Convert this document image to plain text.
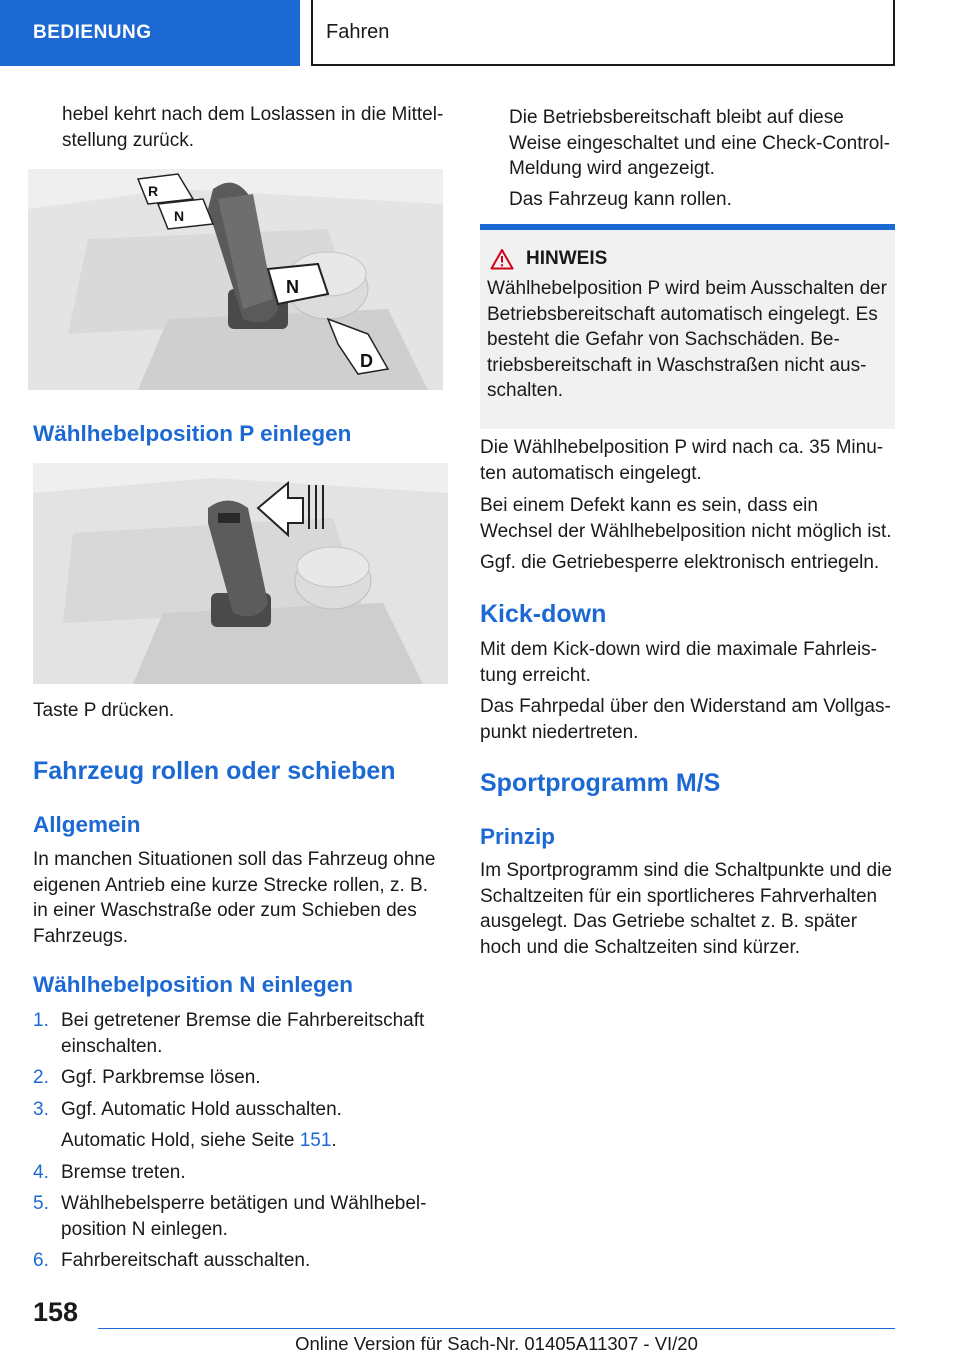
BEDIENUNG	Fahren

hebel kehrt nach dem Loslassen in die Mittelstellung zurück.

R
N
N
D
Wählhebelposition P einlegen

Taste P drücken.

Fahrzeug rollen oder schieben
Allgemein

In manchen Situationen soll das Fahrzeug ohne eigenen Antrieb eine kurze Strecke rollen, z. B. in einer Waschstraße oder zum Schieben des Fahrzeugs.

Wählhebelposition N einlegen
1. Bei getretener Bremse die Fahrbereitschaft einschalten.
2. Ggf. Parkbremse lösen.
3. Ggf. Automatic Hold ausschalten.
Automatic Hold, siehe Seite 151.
4. Bremse treten.
5. Wählhebelsperre betätigen und Wählhebelposition N einlegen.
6. Fahrbereitschaft ausschalten.

Die Betriebsbereitschaft bleibt auf diese Weise eingeschaltet und eine Check-Control-Meldung wird angezeigt.

Das Fahrzeug kann rollen.

HINWEIS

Wählhebelposition P wird beim Ausschalten der Betriebsbereitschaft automatisch eingelegt. Es besteht die Gefahr von Sachschäden. Betriebsbereitschaft in Waschstraßen nicht ausschalten.

Die Wählhebelposition P wird nach ca. 35 Minuten automatisch eingelegt.

Bei einem Defekt kann es sein, dass ein Wechsel der Wählhebelposition nicht möglich ist.

Ggf. die Getriebesperre elektronisch entriegeln.

Kick-down

Mit dem Kick-down wird die maximale Fahrleistung erreicht.

Das Fahrpedal über den Widerstand am Vollgaspunkt niedertreten.

Sportprogramm M/S
Prinzip

Im Sportprogramm sind die Schaltpunkte und die Schaltzeiten für ein sportlicheres Fahrverhalten ausgelegt. Das Getriebe schaltet z. B. später hoch und die Schaltzeiten sind kürzer.

158
Online Version für Sach-Nr. 01405A11307 - VI/20
